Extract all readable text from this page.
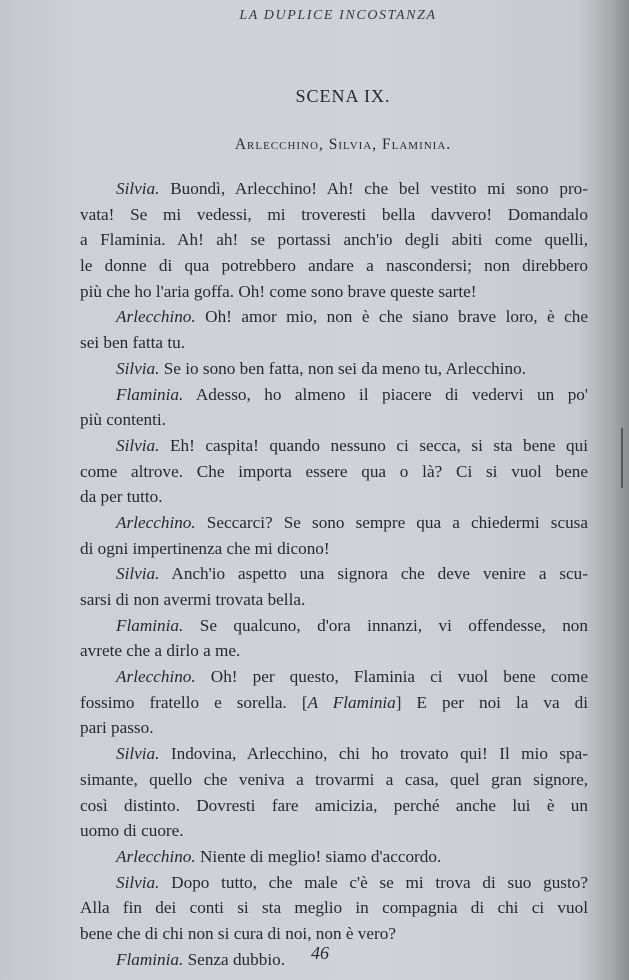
LA DUPLICE INCOSTANZA
SCENA IX.
Arlecchino, Silvia, Flaminia.
Silvia. Buondì, Arlecchino! Ah! che bel vestito mi sono pro-
vata! Se mi vedessi, mi troveresti bella davvero! Domandalo
a Flaminia. Ah! ah! se portassi anch'io degli abiti come quelli,
le donne di qua potrebbero andare a nascondersi; non direbbero
più che ho l'aria goffa. Oh! come sono brave queste sarte!
Arlecchino. Oh! amor mio, non è che siano brave loro, è che
sei ben fatta tu.
Silvia. Se io sono ben fatta, non sei da meno tu, Arlecchino.
Flaminia. Adesso, ho almeno il piacere di vedervi un po'
più contenti.
Silvia. Eh! caspita! quando nessuno ci secca, si sta bene qui
come altrove. Che importa essere qua o là? Ci si vuol bene
da per tutto.
Arlecchino. Seccarci? Se sono sempre qua a chiedermi scusa
di ogni impertinenza che mi dicono!
Silvia. Anch'io aspetto una signora che deve venire a scu-
sarsi di non avermi trovata bella.
Flaminia. Se qualcuno, d'ora innanzi, vi offendesse, non
avrete che a dirlo a me.
Arlecchino. Oh! per questo, Flaminia ci vuol bene come
fossimo fratello e sorella. [A Flaminia] E per noi la va di
pari passo.
Silvia. Indovina, Arlecchino, chi ho trovato qui! Il mio spa-
simante, quello che veniva a trovarmi a casa, quel gran signore,
così distinto. Dovresti fare amicizia, perché anche lui è un
uomo di cuore.
Arlecchino. Niente di meglio! siamo d'accordo.
Silvia. Dopo tutto, che male c'è se mi trova di suo gusto?
Alla fin dei conti si sta meglio in compagnia di chi ci vuol
bene che di chi non si cura di noi, non è vero?
Flaminia. Senza dubbio.	46
